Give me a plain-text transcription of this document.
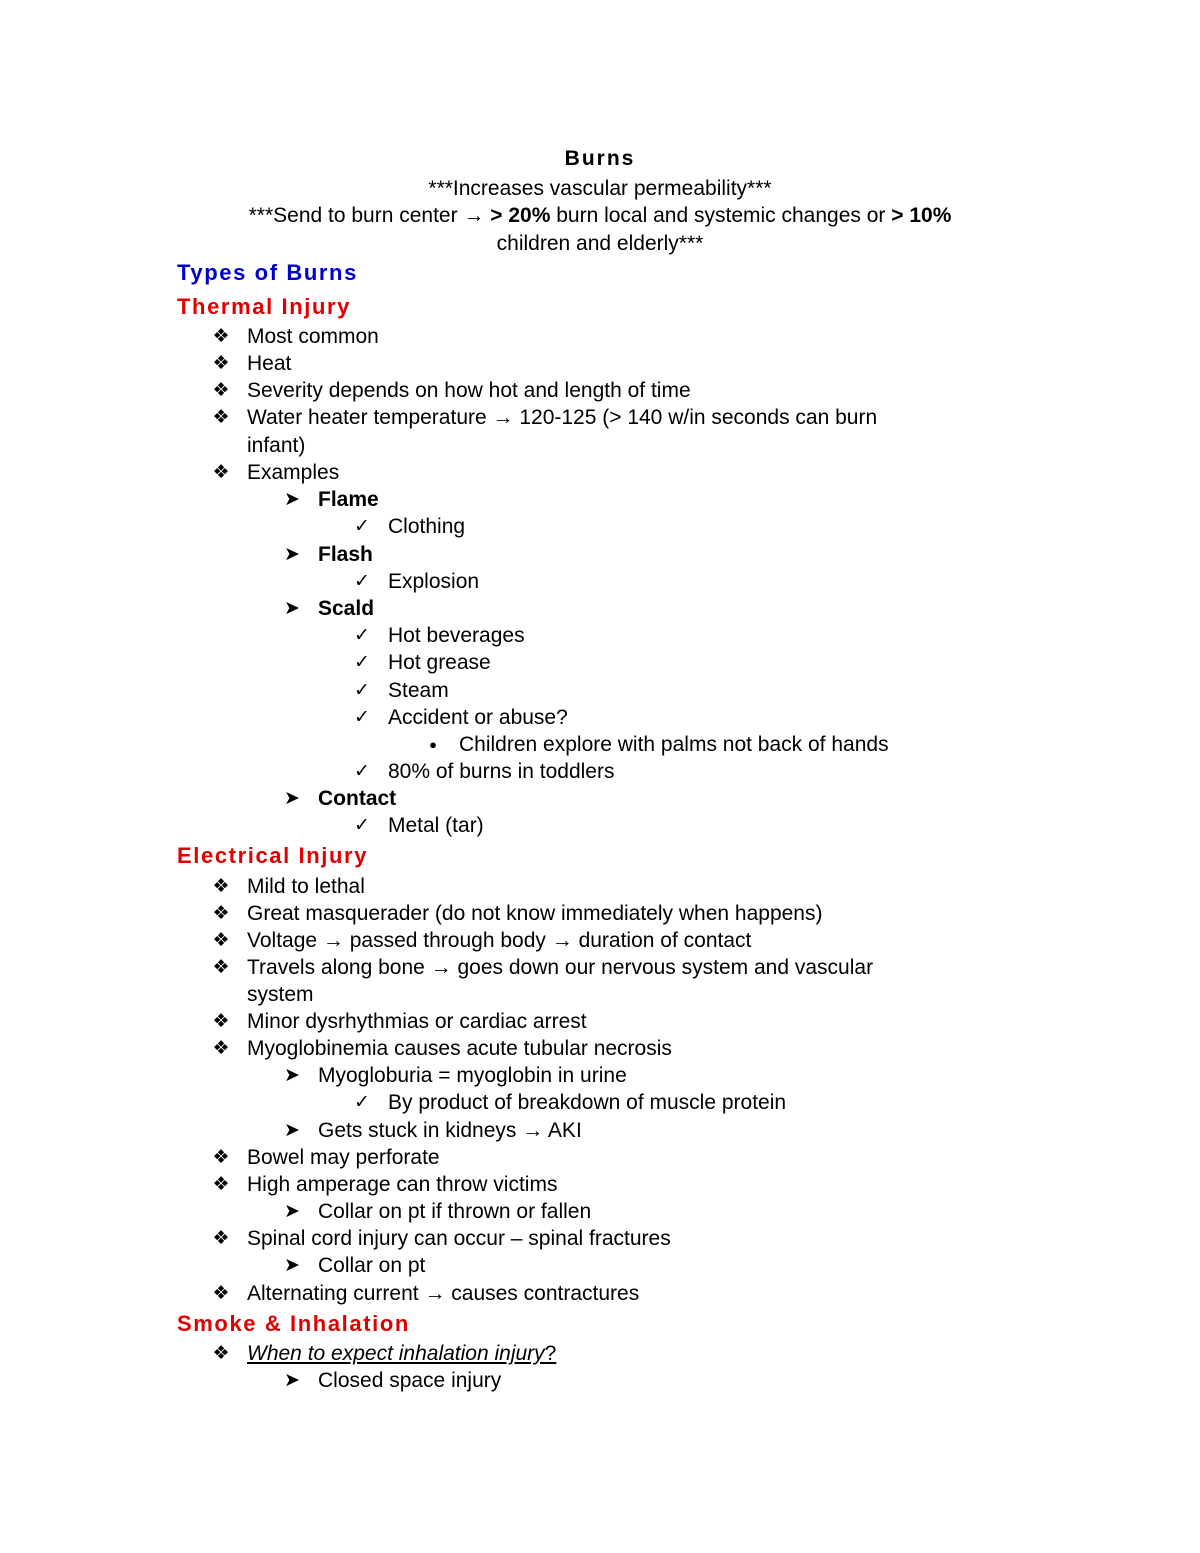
Burns
***Increases vascular permeability***
***Send to burn center → > 20% burn local and systemic changes or > 10%
children and elderly***
Types of Burns
Thermal Injury
❖ Most common
❖ Heat
❖ Severity depends on how hot and length of time
❖ Water heater temperature → 120-125 (> 140 w/in seconds can burn
infant)
❖ Examples
➤ Flame
✓ Clothing
➤ Flash
✓ Explosion
➤ Scald
✓ Hot beverages
✓ Hot grease
✓ Steam
✓ Accident or abuse?
●	Children explore with palms not back of hands
✓ 80% of burns in toddlers
➤ Contact
✓ Metal (tar)
Electrical Injury
❖ Mild to lethal
❖ Great masquerader (do not know immediately when happens)
❖ Voltage → passed through body → duration of contact
❖ Travels along bone → goes down our nervous system and vascular
system
❖ Minor dysrhythmias or cardiac arrest
❖ Myoglobinemia causes acute tubular necrosis
➤ Myogloburia = myoglobin in urine
✓ By product of breakdown of muscle protein
➤ Gets stuck in kidneys → AKI
❖ Bowel may perforate
❖ High amperage can throw victims
➤ Collar on pt if thrown or fallen
❖ Spinal cord injury can occur – spinal fractures
➤ Collar on pt
❖ Alternating current → causes contractures
Smoke & Inhalation
❖ When to expect inhalation injury?
➤ Closed space injury
